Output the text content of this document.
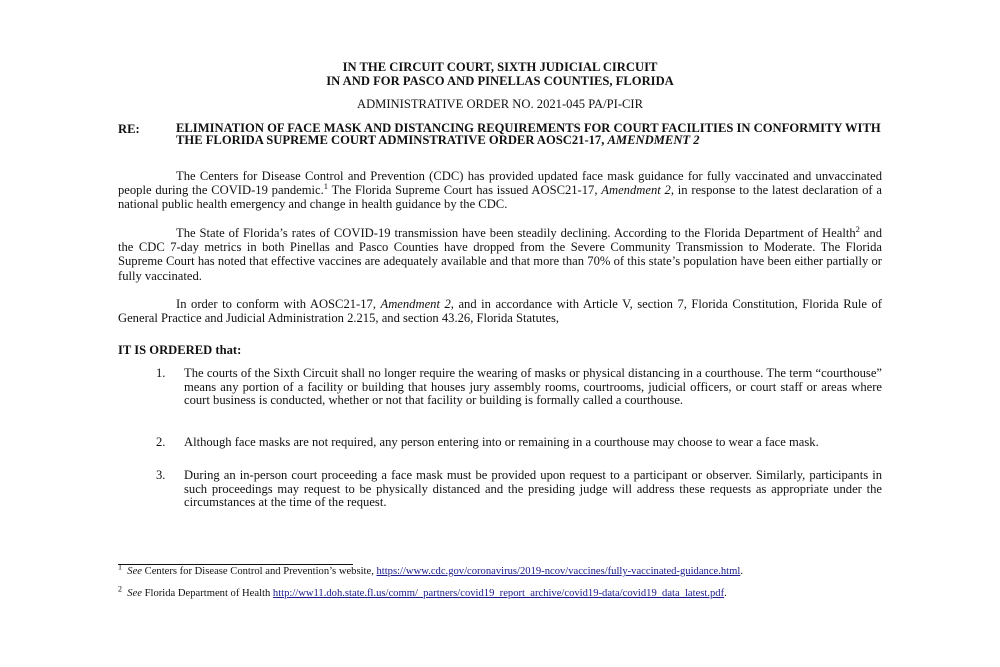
IN THE CIRCUIT COURT, SIXTH JUDICIAL CIRCUIT
IN AND FOR PASCO AND PINELLAS COUNTIES, FLORIDA
ADMINISTRATIVE ORDER NO. 2021-045 PA/PI-CIR
RE:	ELIMINATION OF FACE MASK AND DISTANCING REQUIREMENTS FOR COURT FACILITIES IN CONFORMITY WITH THE FLORIDA SUPREME COURT ADMINSTRATIVE ORDER AOSC21-17, AMENDMENT 2
The Centers for Disease Control and Prevention (CDC) has provided updated face mask guidance for fully vaccinated and unvaccinated people during the COVID-19 pandemic.$^1$ The Florida Supreme Court has issued AOSC21-17, Amendment 2, in response to the latest declaration of a national public health emergency and change in health guidance by the CDC.
The State of Florida’s rates of COVID-19 transmission have been steadily declining. According to the Florida Department of Health$^2$ and the CDC 7-day metrics in both Pinellas and Pasco Counties have dropped from the Severe Community Transmission to Moderate. The Florida Supreme Court has noted that effective vaccines are adequately available and that more than 70% of this state’s population have been either partially or fully vaccinated.
In order to conform with AOSC21-17, Amendment 2, and in accordance with Article V, section 7, Florida Constitution, Florida Rule of General Practice and Judicial Administration 2.215, and section 43.26, Florida Statutes,
IT IS ORDERED that:
1. The courts of the Sixth Circuit shall no longer require the wearing of masks or physical distancing in a courthouse. The term “courthouse” means any portion of a facility or building that houses jury assembly rooms, courtrooms, judicial officers, or court staff or areas where court business is conducted, whether or not that facility or building is formally called a courthouse.
2. Although face masks are not required, any person entering into or remaining in a courthouse may choose to wear a face mask.
3. During an in-person court proceeding a face mask must be provided upon request to a participant or observer. Similarly, participants in such proceedings may request to be physically distanced and the presiding judge will address these requests as appropriate under the circumstances at the time of the request.
$^1$ See Centers for Disease Control and Prevention’s website, https://www.cdc.gov/coronavirus/2019-ncov/vaccines/fully-vaccinated-guidance.html.
$^2$ See Florida Department of Health http://ww11.doh.state.fl.us/comm/_partners/covid19_report_archive/covid19-data/covid19_data_latest.pdf.
